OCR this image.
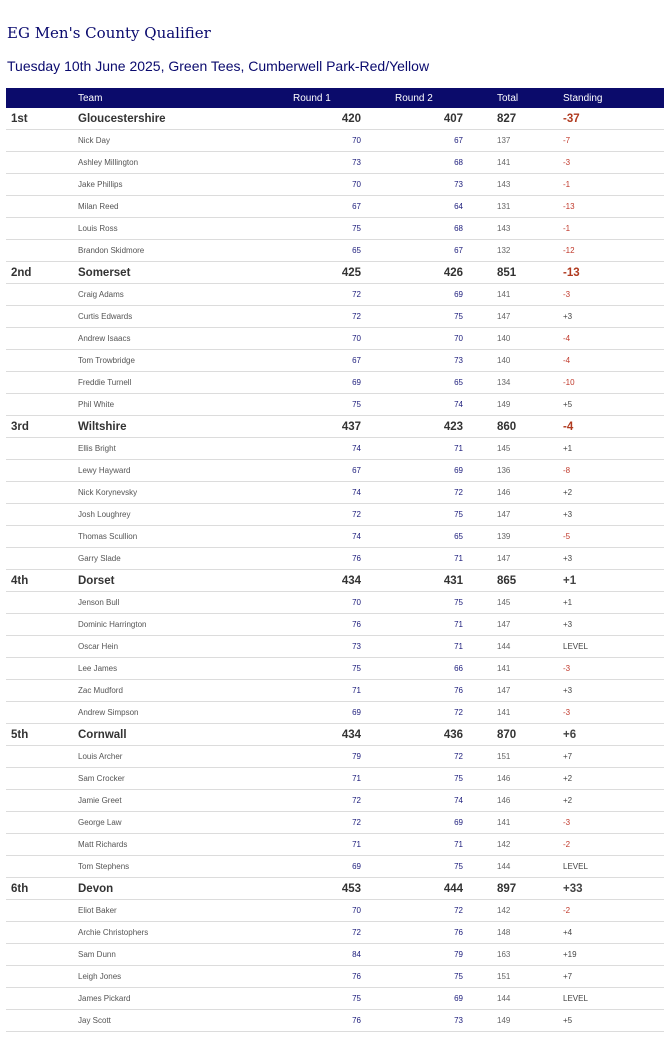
EG Men's County Qualifier
Tuesday 10th June 2025, Green Tees, Cumberwell Park-Red/Yellow
Team	Round 1	Round 2	Total	Standing
1st	Gloucestershire	420	407	827	-37
Nick Day	70	67	137	-7
Ashley Millington	73	68	141	-3
Jake Phillips	70	73	143	-1
Milan Reed	67	64	131	-13
Louis Ross	75	68	143	-1
Brandon Skidmore	65	67	132	-12
2nd	Somerset	425	426	851	-13
Craig Adams	72	69	141	-3
Curtis Edwards	72	75	147	+3
Andrew Isaacs	70	70	140	-4
Tom Trowbridge	67	73	140	-4
Freddie Turnell	69	65	134	-10
Phil White	75	74	149	+5
3rd	Wiltshire	437	423	860	-4
Ellis Bright	74	71	145	+1
Lewy Hayward	67	69	136	-8
Nick Korynevsky	74	72	146	+2
Josh Loughrey	72	75	147	+3
Thomas Scullion	74	65	139	-5
Garry Slade	76	71	147	+3
4th	Dorset	434	431	865	+1
Jenson Bull	70	75	145	+1
Dominic Harrington	76	71	147	+3
Oscar Hein	73	71	144	LEVEL
Lee James	75	66	141	-3
Zac Mudford	71	76	147	+3
Andrew Simpson	69	72	141	-3
5th	Cornwall	434	436	870	+6
Louis Archer	79	72	151	+7
Sam Crocker	71	75	146	+2
Jamie Greet	72	74	146	+2
George Law	72	69	141	-3
Matt Richards	71	71	142	-2
Tom Stephens	69	75	144	LEVEL
6th	Devon	453	444	897	+33
Eliot Baker	70	72	142	-2
Archie Christophers	72	76	148	+4
Sam Dunn	84	79	163	+19
Leigh Jones	76	75	151	+7
James Pickard	75	69	144	LEVEL
Jay Scott	76	73	149	+5
